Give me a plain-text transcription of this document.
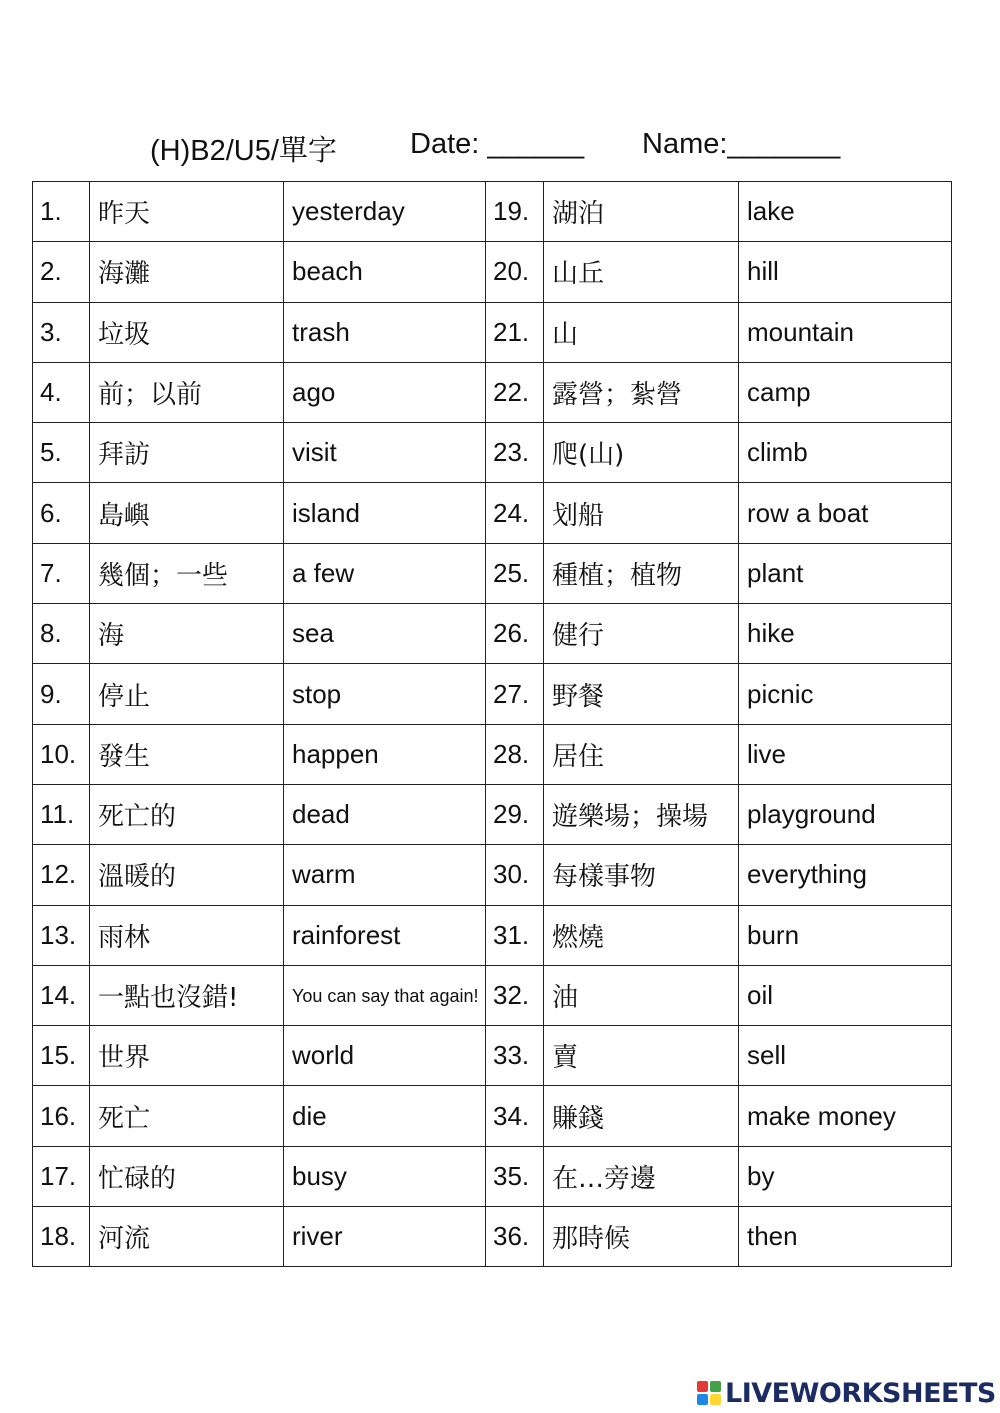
(H)B2/U5/單字	Date: ______ Name:_______
1.	昨天	yesterday	19.	湖泊	lake
2.	海灘	beach	20.	山丘	hill
3.	垃圾	trash	21.	山	mountain
4.	前；以前	ago	22.	露營；紮營	camp
5.	拜訪	visit	23.	爬(山)	climb
6.	島嶼	island	24.	划船	row a boat
7.	幾個；一些	a few	25.	種植；植物	plant
8.	海	sea	26.	健行	hike
9.	停止	stop	27.	野餐	picnic
10.	發生	happen	28.	居住	live
11.	死亡的	dead	29.	遊樂場；操場	playground
12.	溫暖的	warm	30.	每樣事物	everything
13.	雨林	rainforest	31.	燃燒	burn
14.	一點也沒錯!	You can say that again!	32.	油	oil
15.	世界	world	33.	賣	sell
16.	死亡	die	34.	賺錢	make money
17.	忙碌的	busy	35.	在…旁邊	by
18.	河流	river	36.	那時候	then
LIVEWORKSHEETS
